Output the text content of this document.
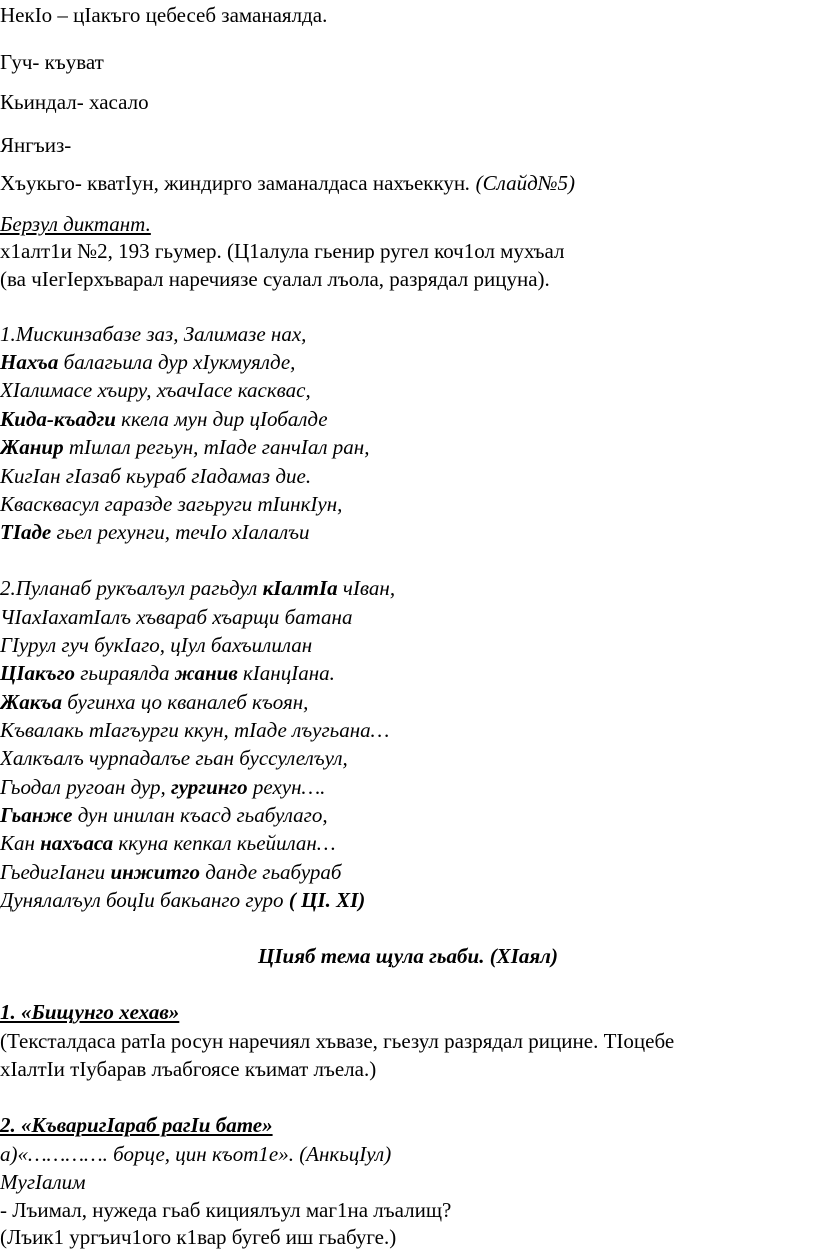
НекIо – цIакъго цебесеб заманаялда.
Гуч- къуват
Кьиндал- хасало
Янгъиз-
Хъукьго- кватIун, жиндирго заманалдаса нахъеккун. (Слайд№5)
Берзул диктант.
х1алт1и №2, 193 гьумер. (Ц1алула гьенир ругел коч1ол мухъал
(ва чIегIерхъварал наречиязе суалал лъола, разрядал рицуна).
1.Мискинзабазе заз, Залимазе нах,
Нахъа балагьила дур хIукмуялде,
ХIалимасе хъиру, хъачIасе касквас,
Кида-къадги ккела мун дир цIобалде
Жанир тIилал регьун, тIаде ганчIал ран,
КигIан гIазаб кьураб гIадамаз дие.
Кваскваcул гаразде загьруги тIинкIун,
ТIаде гьел рехунги, течIо хIалалъи
2.Пуланаб рукъалъул рагьдул кIалтIа чIван,
ЧIахIахатIалъ хъвараб хъарщи батана
ГIурул гуч букIаго, цIул бахъилилан
ЦIакъго гьираялда жанив кIанцIана.
Жакъа бугинха цо кваналеб къоян,
Къвалакь тIагъурги ккун, тIаде лъугьана…
Халкъалъ чурпадалъе гьан буссулелъул,
Гьодал ругоан дур, гургинго рехун….
Гьанже дун инилан къасд гьабулаго,
Кан нахъаса ккуна кепкал кьейилан…
ГьедигIанги инжитго данде гьабураб
Дунялалъул боцIи бакьанго гуро ( ЦI. XI)
ЦIияб тема щула гьаби. (ХIаял)
1. «Бищунго хехав»
(Тексталдаса ратIа росун наречиял хъвазе, гьезул разрядал рицине. ТIоцебе
хIалтIи тIубарав лъабгоясе къимат лъела.)
2. «КъваригIараб рагIи бате»
а)«…………. борце, цин къот1е». (АнкьцIул)
МугIалим
- Лъимал, нужеда гьаб кициялъул маг1на лъалищ?
(Лъик1 ургъич1ого к1вар бугеб иш гьабуге.)
